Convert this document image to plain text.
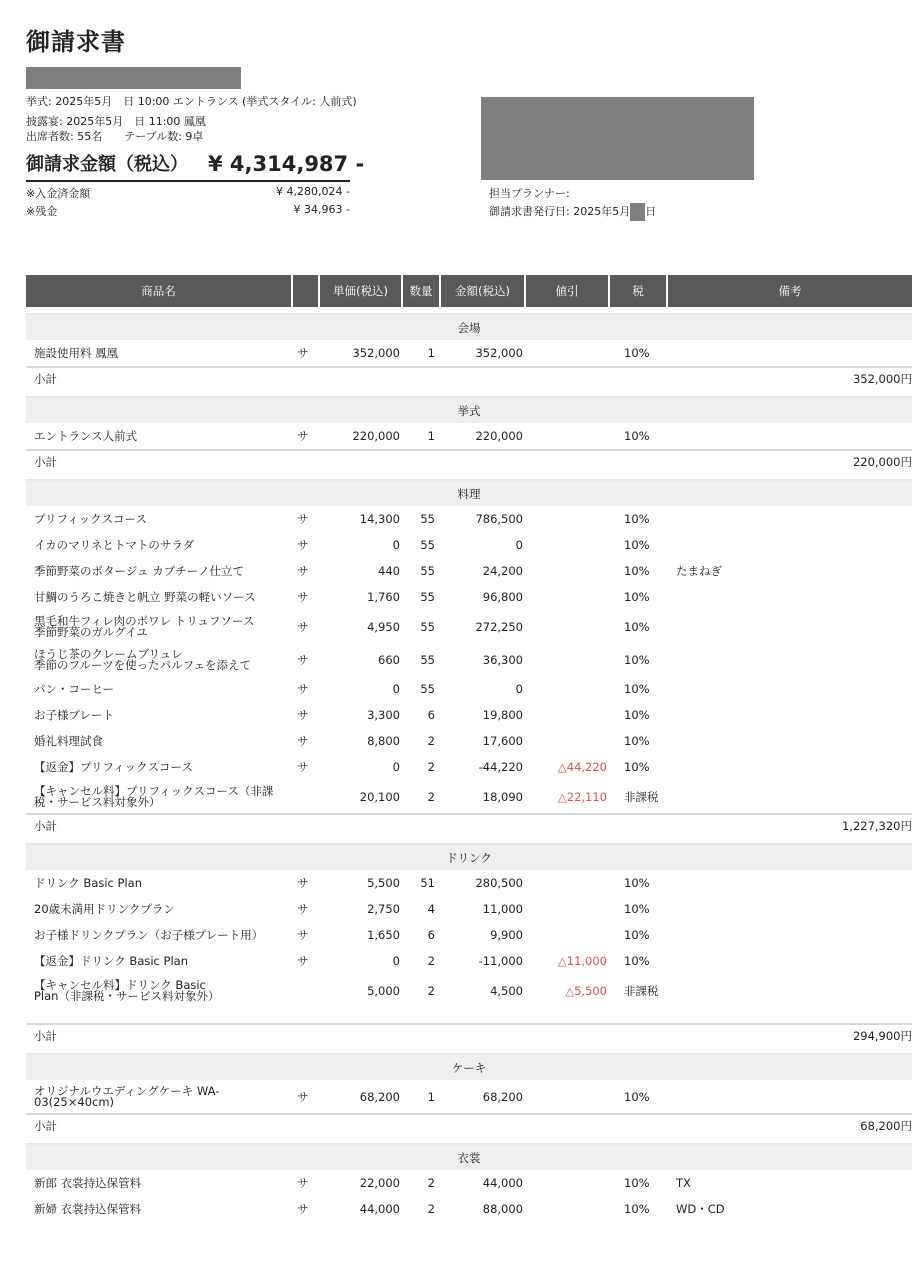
御請求書
挙式: 2025年5月　日 10:00 エントランス (挙式スタイル: 人前式)
披露宴: 2025年5月　日 11:00 鳳凰
出席者数: 55名　　テーブル数: 9卓
御請求金額（税込） ¥ 4,314,987 -
※入金済金額	¥ 4,280,024 -
※残金	¥ 34,963 -
担当プランナー:
御請求書発行日: 2025年5月 日
商品名		単価(税込)	数量	金額(税込)	値引	税	備考

会場							
施設使用料 鳳凰	サ	352,000	1	352,000		10%	
小計				352,000円			

挙式							
エントランス人前式	サ	220,000	1	220,000		10%	
小計				220,000円			

料理							
プリフィックスコース	サ	14,300	55	786,500		10%	
イカのマリネとトマトのサラダ	サ	0	55	0		10%	
季節野菜のポタージュ カプチーノ仕立て	サ	440	55	24,200		10%	たまねぎ
甘鯛のうろこ焼きと帆立 野菜の軽いソース	サ	1,760	55	96,800		10%	
黒毛和牛フィレ肉のポワレ トリュフソース
季節野菜のガルグイユ	サ	4,950	55	272,250		10%	
ほうじ茶のクレームブリュレ
季節のフルーツを使ったパルフェを添えて	サ	660	55	36,300		10%	
パン・コーヒー	サ	0	55	0		10%	
お子様プレート	サ	3,300	6	19,800		10%	
婚礼料理試食	サ	8,800	2	17,600		10%	
【返金】プリフィックスコース	サ	0	2	-44,220	△44,220	10%	
【キャンセル料】プリフィックスコース（非課
税・サービス料対象外）		20,100	2	18,090	△22,110	非課税	
小計				1,227,320円			

ドリンク							
ドリンク Basic Plan	サ	5,500	51	280,500		10%	
20歳未満用ドリンクプラン	サ	2,750	4	11,000		10%	
お子様ドリンクプラン（お子様プレート用）	サ	1,650	6	9,900		10%	
【返金】ドリンク Basic Plan	サ	0	2	-11,000	△11,000	10%	
【キャンセル料】ドリンク Basic
Plan（非課税・サービス料対象外）		5,000	2	4,500	△5,500	非課税	

小計				294,900円			

ケーキ							
オリジナルウエディングケーキ WA-
03(25×40cm)	サ	68,200	1	68,200		10%	
小計				68,200円			

衣裳							
新郎 衣裳持込保管料	サ	22,000	2	44,000		10%	TX
新婦 衣裳持込保管料	サ	44,000	2	88,000		10%	WD・CD
